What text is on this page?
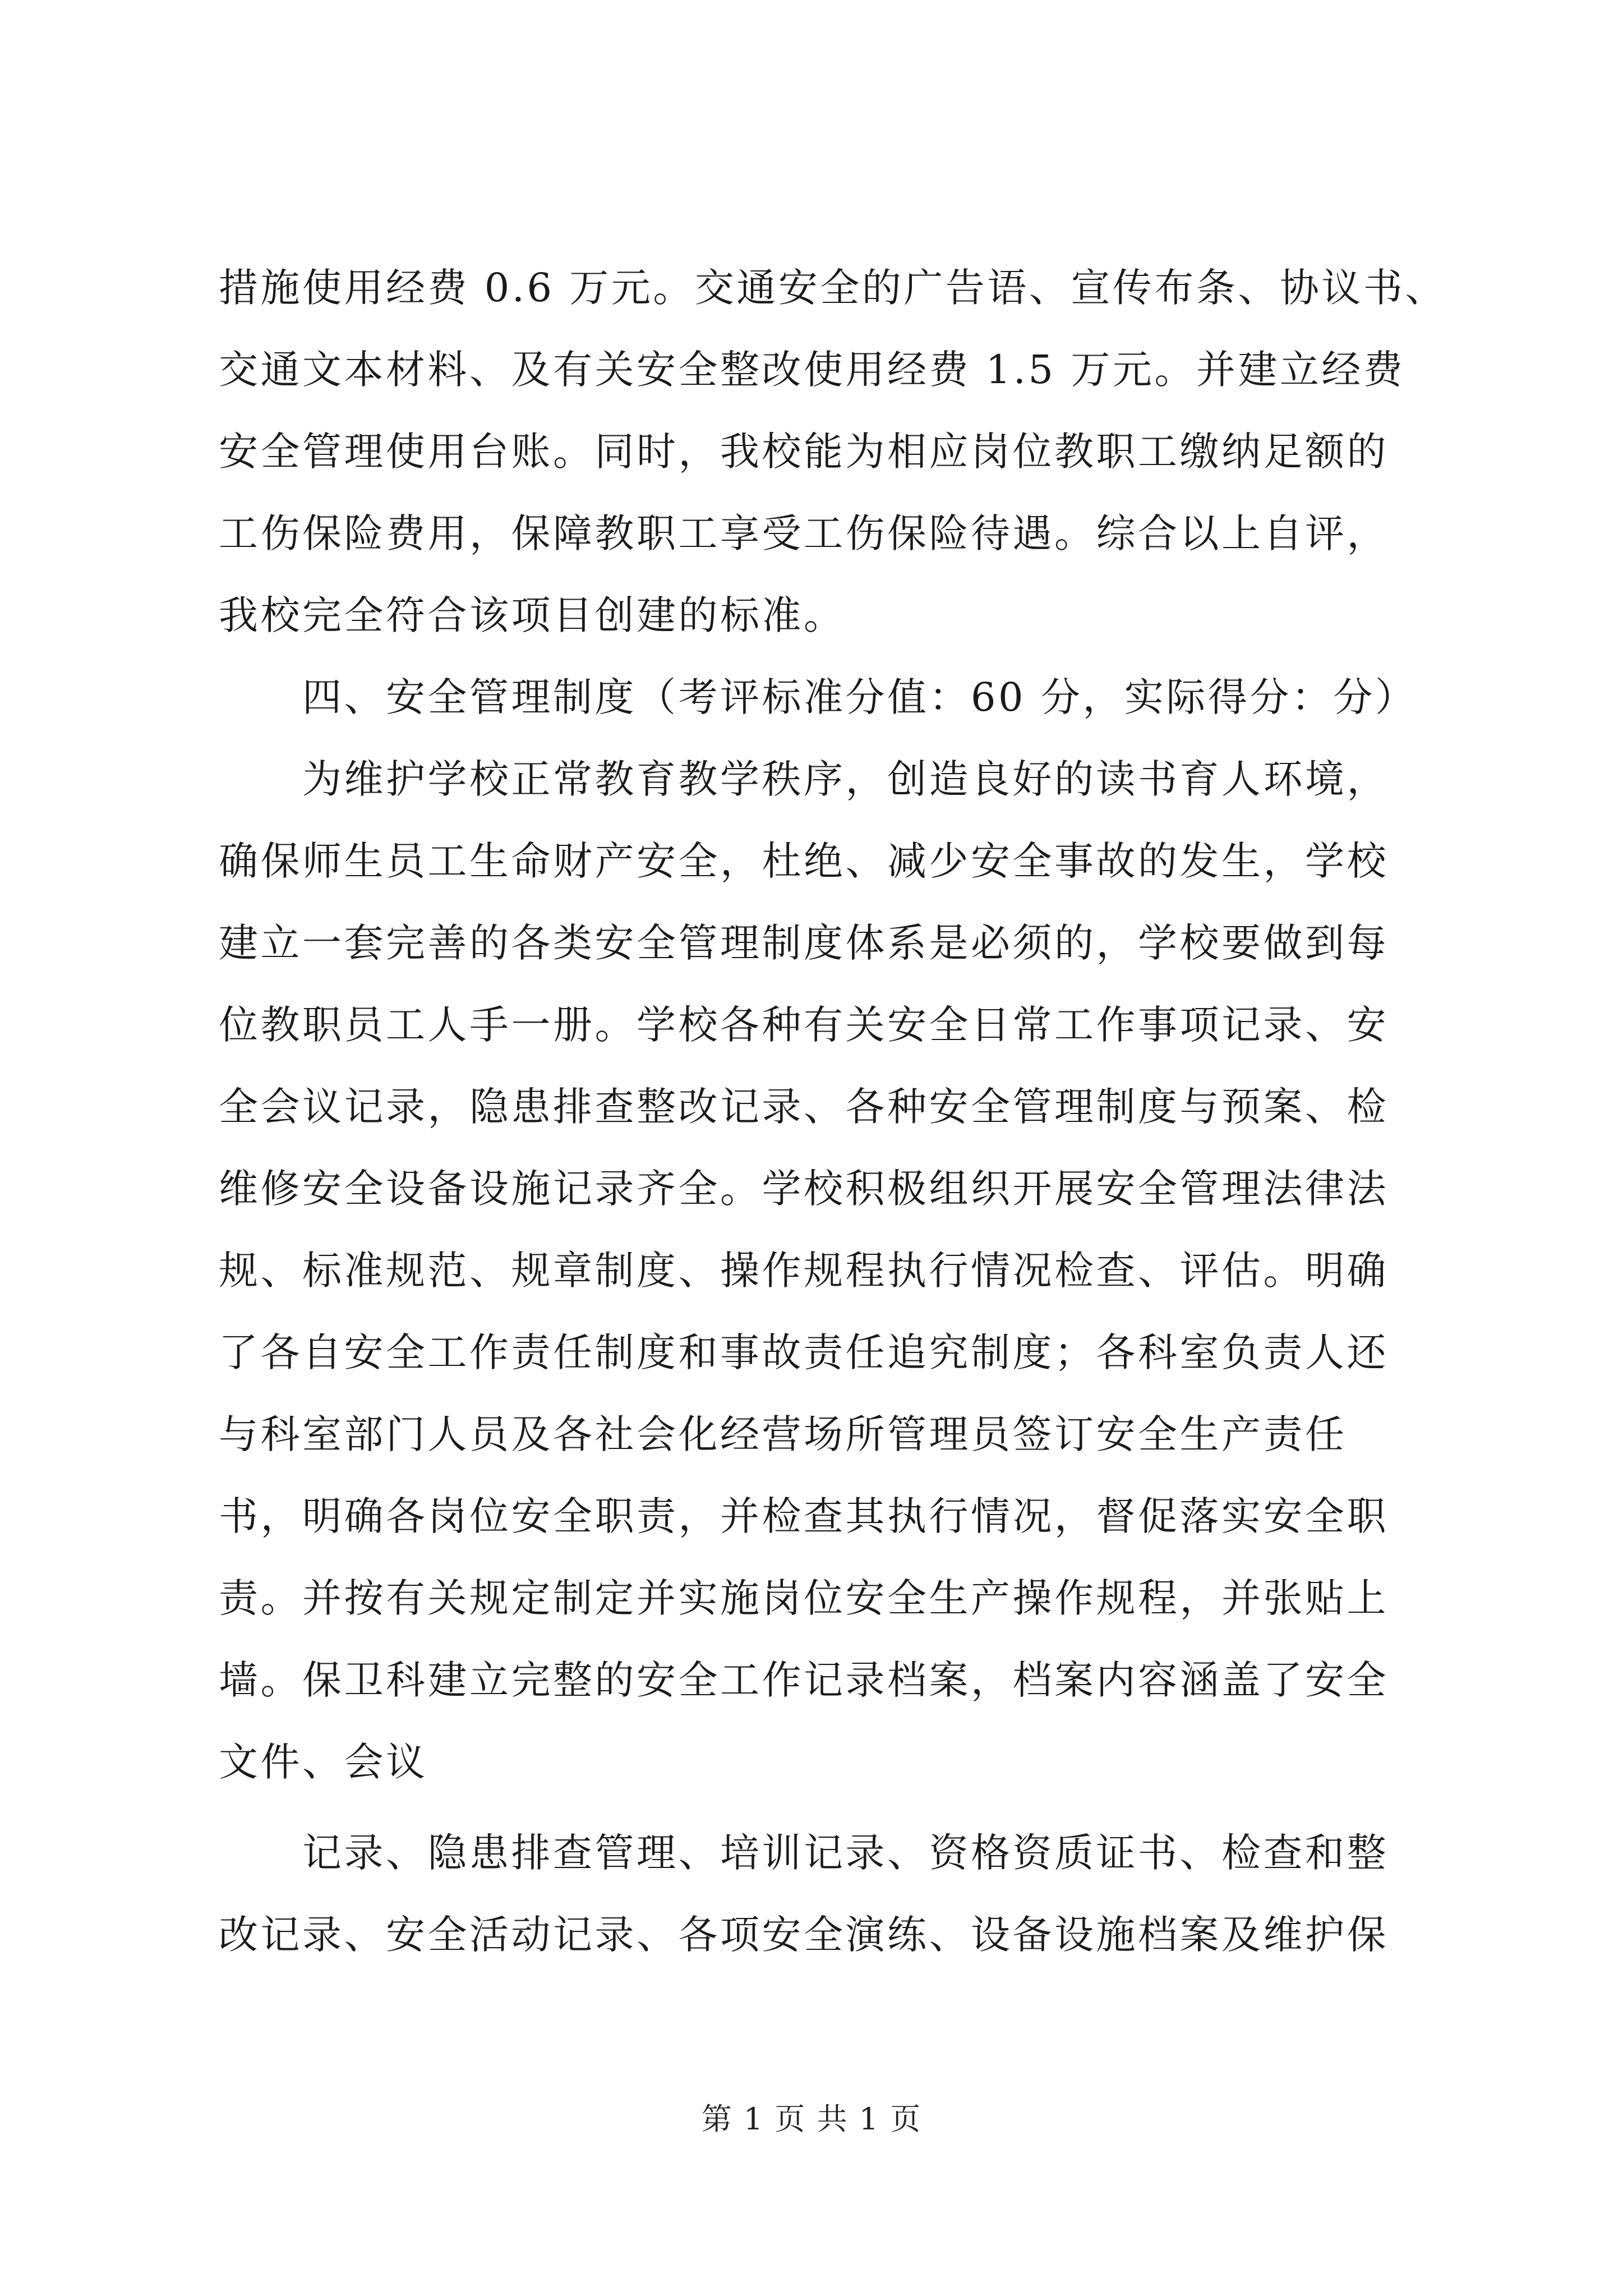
措施使用经费 0.6 万元。交通安全的广告语、宣传布条、协议书、
交通文本材料、及有关安全整改使用经费 1.5 万元。并建立经费
安全管理使用台账。同时，我校能为相应岗位教职工缴纳足额的
工伤保险费用，保障教职工享受工伤保险待遇。综合以上自评，
我校完全符合该项目创建的标准。
　　四、安全管理制度（考评标准分值：60 分，实际得分：分）
　　为维护学校正常教育教学秩序，创造良好的读书育人环境，
确保师生员工生命财产安全，杜绝、减少安全事故的发生，学校
建立一套完善的各类安全管理制度体系是必须的，学校要做到每
位教职员工人手一册。学校各种有关安全日常工作事项记录、安
全会议记录，隐患排查整改记录、各种安全管理制度与预案、检
维修安全设备设施记录齐全。学校积极组织开展安全管理法律法
规、标准规范、规章制度、操作规程执行情况检查、评估。明确
了各自安全工作责任制度和事故责任追究制度；各科室负责人还
与科室部门人员及各社会化经营场所管理员签订安全生产责任
书，明确各岗位安全职责，并检查其执行情况，督促落实安全职
责。并按有关规定制定并实施岗位安全生产操作规程，并张贴上
墙。保卫科建立完整的安全工作记录档案，档案内容涵盖了安全
文件、会议
　　记录、隐患排查管理、培训记录、资格资质证书、检查和整
改记录、安全活动记录、各项安全演练、设备设施档案及维护保
第 1 页 共 1 页
